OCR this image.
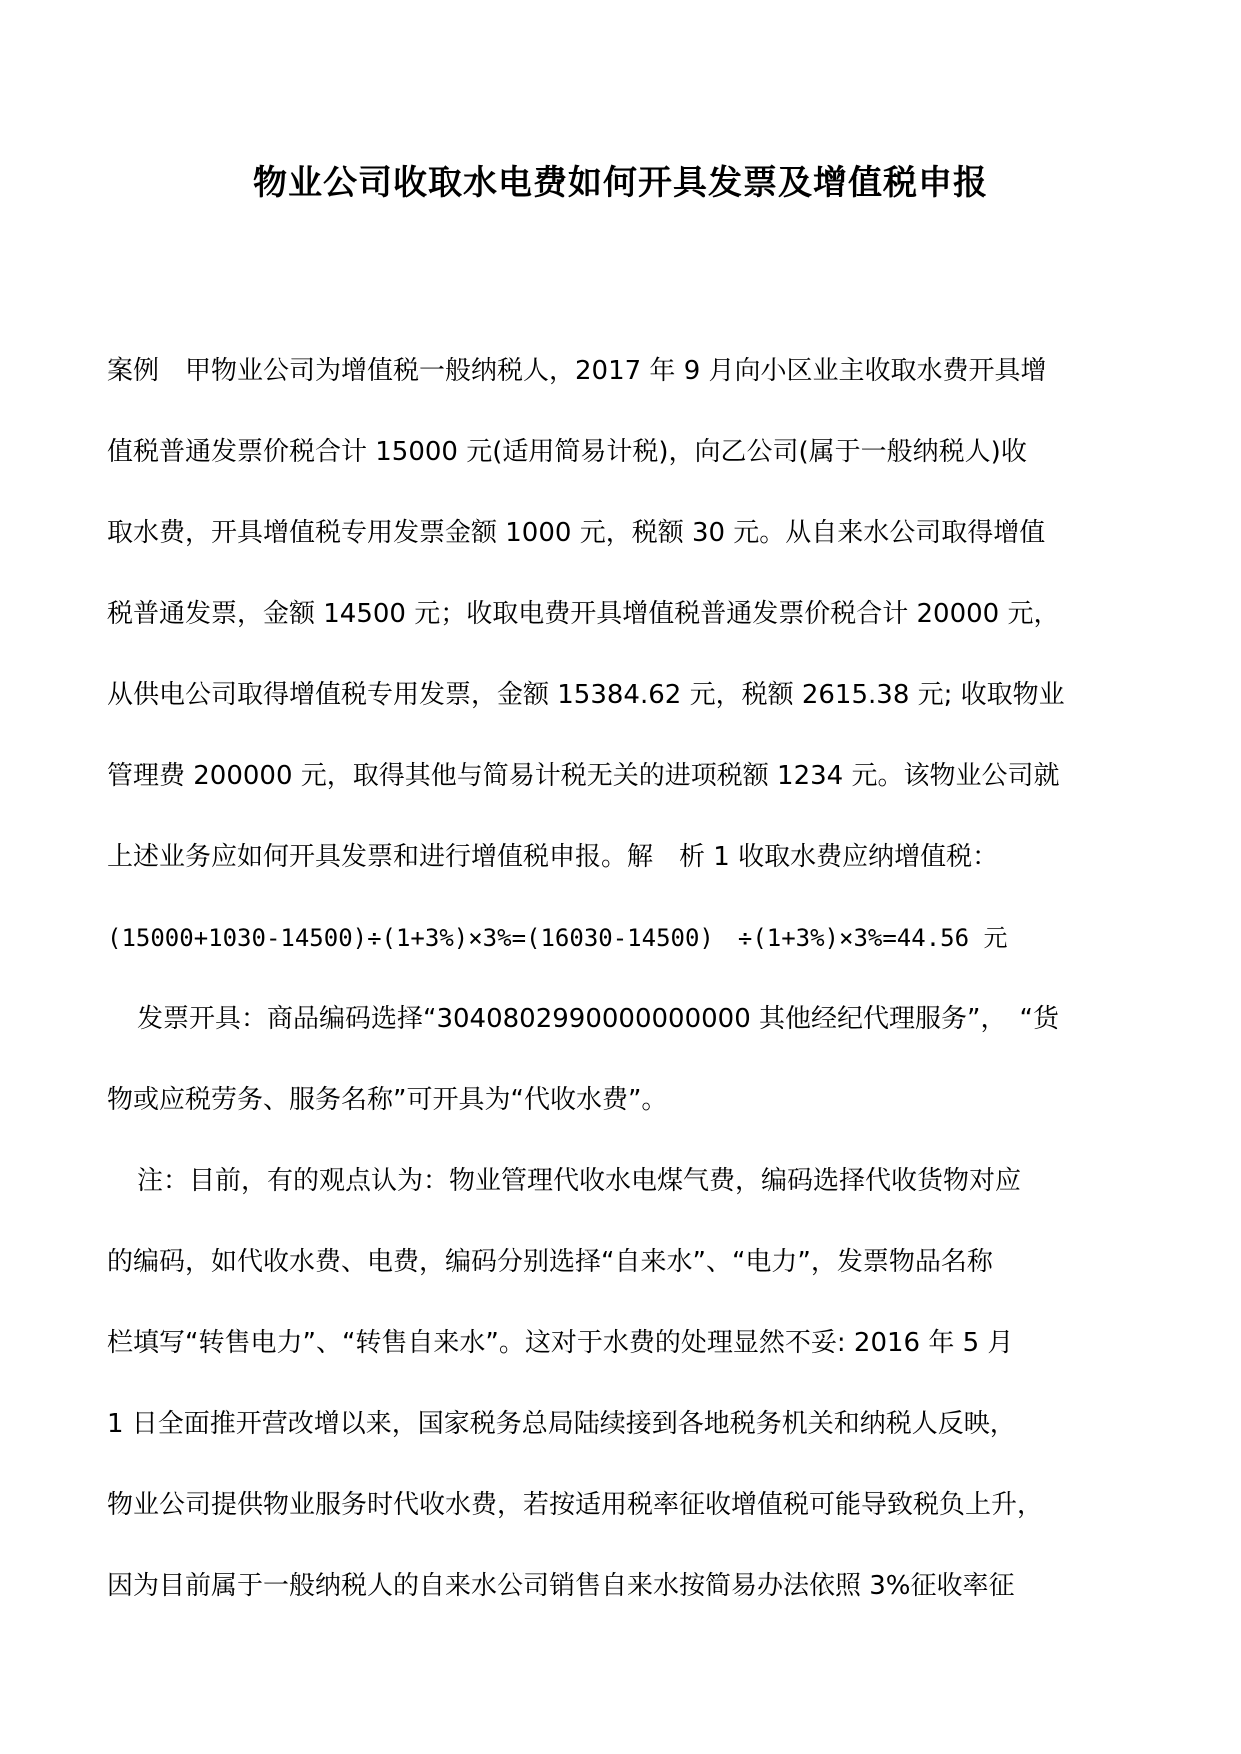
物业公司收取水电费如何开具发票及增值税申报
案例　甲物业公司为增值税一般纳税人，2017 年 9 月向小区业主收取水费开具增
值税普通发票价税合计 15000 元(适用简易计税)，向乙公司(属于一般纳税人)收
取水费，开具增值税专用发票金额 1000 元，税额 30 元。从自来水公司取得增值
税普通发票，金额 14500 元；收取电费开具增值税普通发票价税合计 20000 元，
从供电公司取得增值税专用发票，金额 15384.62 元，税额 2615.38 元; 收取物业
管理费 200000 元，取得其他与简易计税无关的进项税额 1234 元。该物业公司就
上述业务应如何开具发票和进行增值税申报。解　析 1 收取水费应纳增值税：
(15000+1030-14500)÷(1+3%)×3%=(16030-14500)　÷(1+3%)×3%=44.56 元
发票开具：商品编码选择“3040802990000000000 其他经纪代理服务”，　“货
物或应税劳务、服务名称”可开具为“代收水费”。
注：目前，有的观点认为：物业管理代收水电煤气费，编码选择代收货物对应
的编码，如代收水费、电费，编码分别选择“自来水”、“电力”，发票物品名称
栏填写“转售电力”、“转售自来水”。这对于水费的处理显然不妥: 2016 年 5 月
1 日全面推开营改增以来，国家税务总局陆续接到各地税务机关和纳税人反映，
物业公司提供物业服务时代收水费，若按适用税率征收增值税可能导致税负上升，
因为目前属于一般纳税人的自来水公司销售自来水按简易办法依照 3%征收率征
